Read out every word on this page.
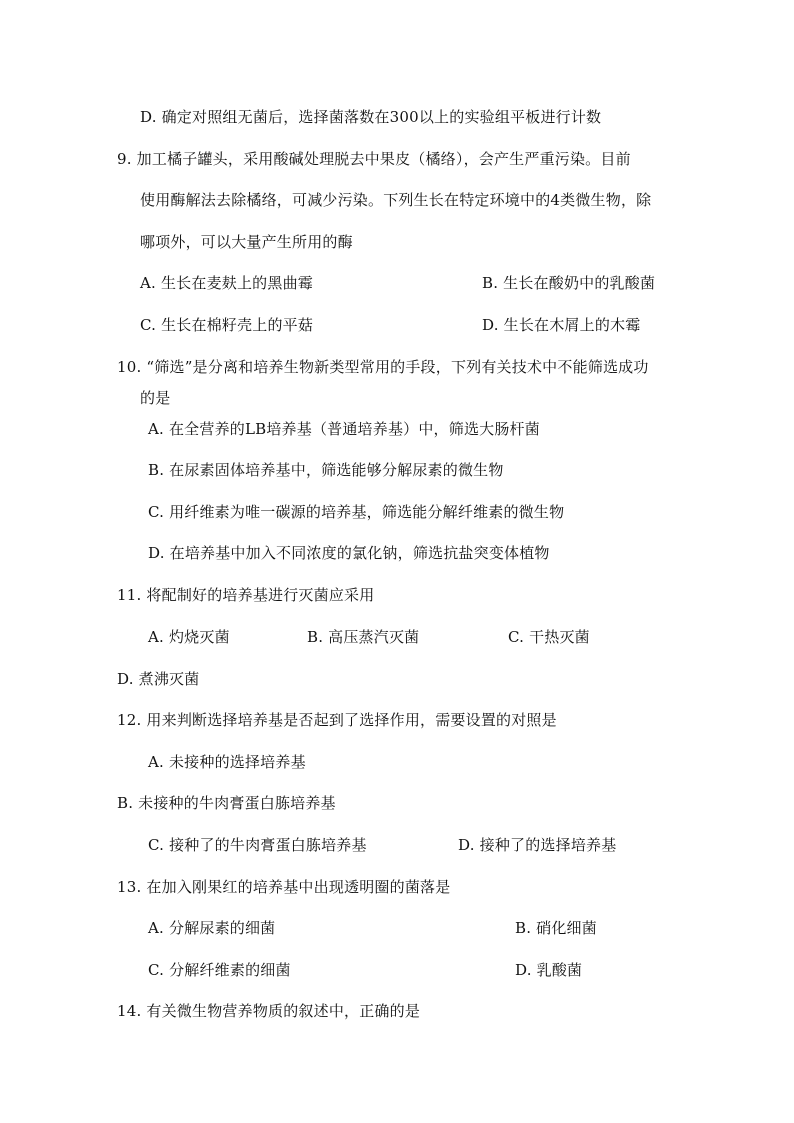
D. 确定对照组无菌后，选择菌落数在300以上的实验组平板进行计数
9. 加工橘子罐头，采用酸碱处理脱去中果皮（橘络），会产生严重污染。目前
使用酶解法去除橘络，可减少污染。下列生长在特定环境中的4类微生物，除
哪项外，可以大量产生所用的酶
A. 生长在麦麸上的黑曲霉	B. 生长在酸奶中的乳酸菌
C. 生长在棉籽壳上的平菇	D. 生长在木屑上的木霉
10. “筛选”是分离和培养生物新类型常用的手段，下列有关技术中不能筛选成功
的是
A. 在全营养的LB培养基（普通培养基）中，筛选大肠杆菌
B. 在尿素固体培养基中，筛选能够分解尿素的微生物
C. 用纤维素为唯一碳源的培养基，筛选能分解纤维素的微生物
D. 在培养基中加入不同浓度的氯化钠，筛选抗盐突变体植物
11. 将配制好的培养基进行灭菌应采用
A. 灼烧灭菌	B. 高压蒸汽灭菌	C. 干热灭菌
D. 煮沸灭菌
12. 用来判断选择培养基是否起到了选择作用，需要设置的对照是
A. 未接种的选择培养基
B. 未接种的牛肉膏蛋白胨培养基
C. 接种了的牛肉膏蛋白胨培养基	D. 接种了的选择培养基
13. 在加入刚果红的培养基中出现透明圈的菌落是
A. 分解尿素的细菌	B. 硝化细菌
C. 分解纤维素的细菌	D. 乳酸菌
14. 有关微生物营养物质的叙述中，正确的是
